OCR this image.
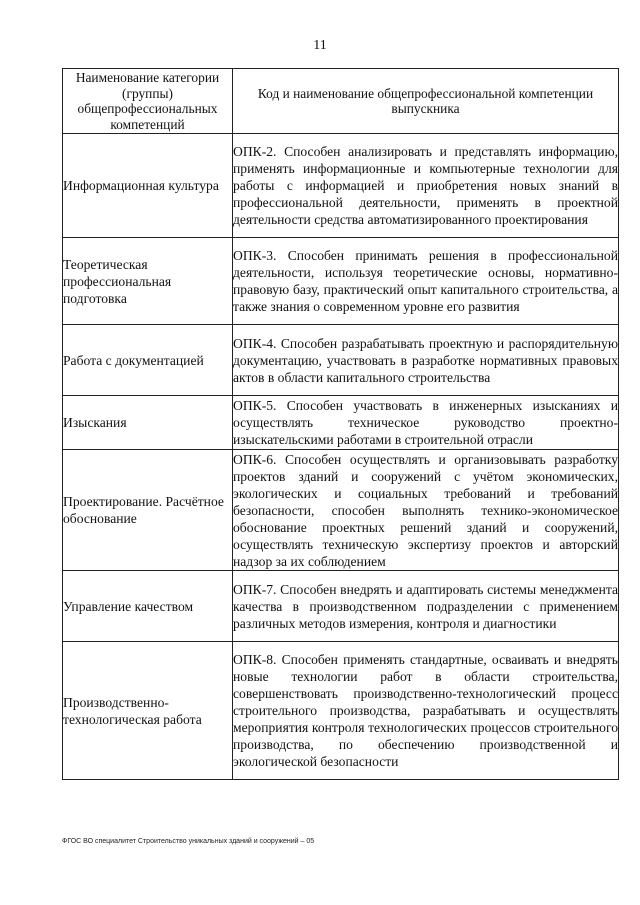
11
Наименование категории (группы) общепрофессиональных компетенций	Код и наименование общепрофессиональной компетенции выпускника
Информационная культура	ОПК-2. Способен анализировать и представлять информацию, применять информационные и компьютерные технологии для работы с информацией и приобретения новых знаний в профессиональной деятельности, применять в проектной деятельности средства автоматизированного проектирования
Теоретическая профессиональная подготовка	ОПК-3. Способен принимать решения в профессиональной деятельности, используя теоретические основы, нормативно-правовую базу, практический опыт капитального строительства, а также знания о современном уровне его развития
Работа с документацией	ОПК-4. Способен разрабатывать проектную и распорядительную документацию, участвовать в разработке нормативных правовых актов в области капитального строительства
Изыскания	ОПК-5. Способен участвовать в инженерных изысканиях и осуществлять техническое руководство проектно-изыскательскими работами в строительной отрасли
Проектирование. Расчётное обоснование	ОПК-6. Способен осуществлять и организовывать разработку проектов зданий и сооружений с учётом экономических, экологических и социальных требований и требований безопасности, способен выполнять технико-экономическое обоснование проектных решений зданий и сооружений, осуществлять техническую экспертизу проектов и авторский надзор за их соблюдением
Управление качеством	ОПК-7. Способен внедрять и адаптировать системы менеджмента качества в производственном подразделении с применением различных методов измерения, контроля и диагностики
Производственно-технологическая работа	ОПК-8. Способен применять стандартные, осваивать и внедрять новые технологии работ в области строительства, совершенствовать производственно-технологический процесс строительного производства, разрабатывать и осуществлять мероприятия контроля технологических процессов строительного производства, по обеспечению производственной и экологической безопасности
ФГОС ВО специалитет Строительство уникальных зданий и сооружений – 05
